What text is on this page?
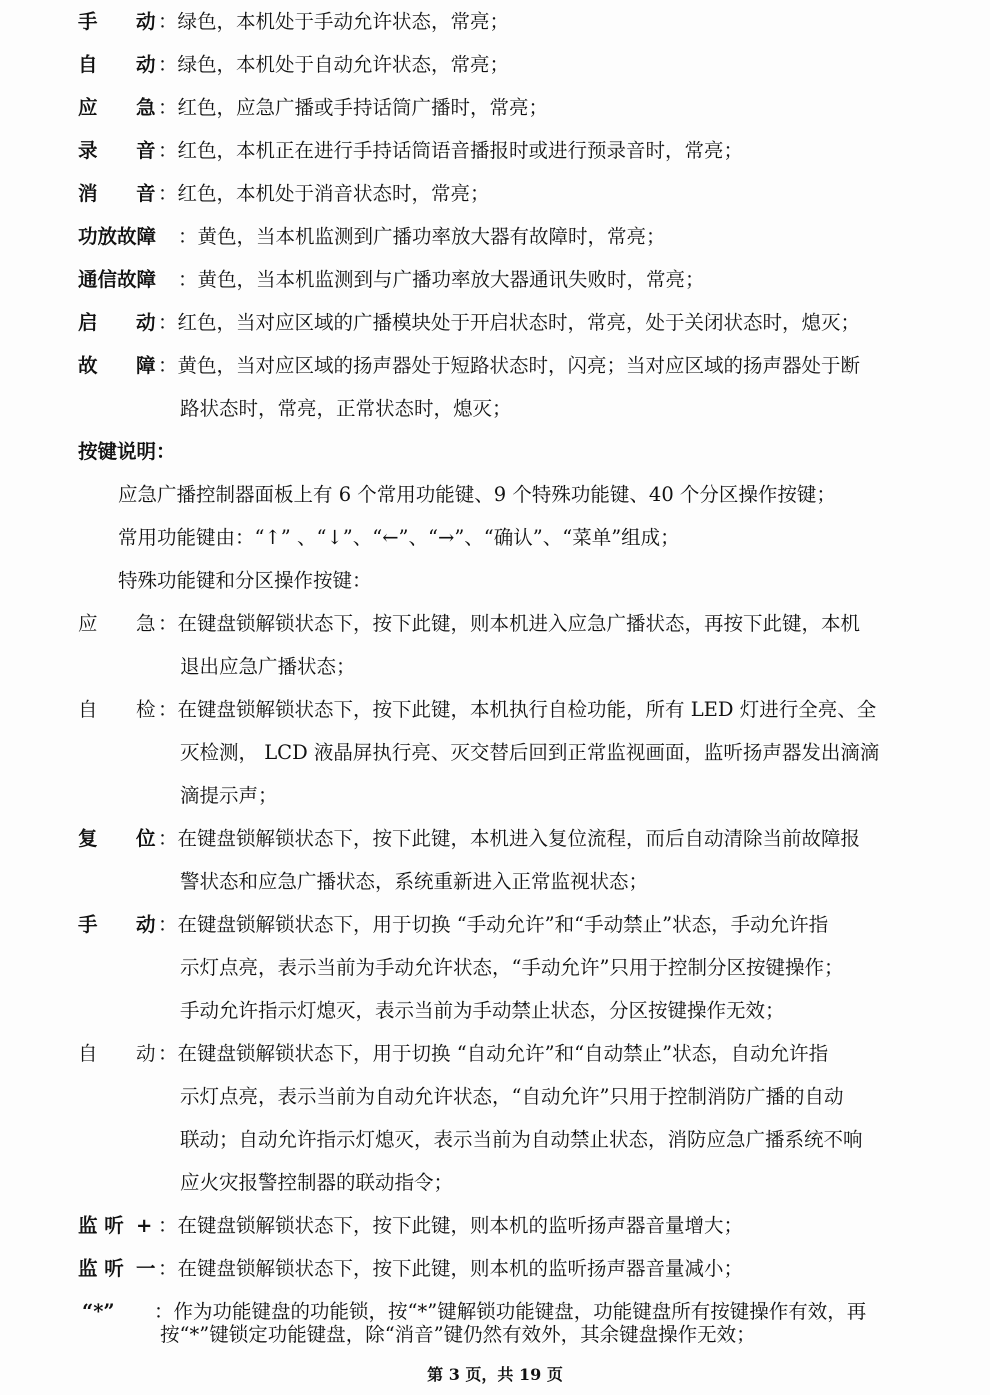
手 动 ：绿色，本机处于手动允许状态，常亮；
自 动 ：绿色，本机处于自动允许状态，常亮；
应 急 ：红色，应急广播或手持话筒广播时，常亮；
录 音 ：红色，本机正在进行手持话筒语音播报时或进行预录音时，常亮；
消 音 ：红色，本机处于消音状态时，常亮；
功放故障 ：黄色，当本机监测到广播功率放大器有故障时，常亮；
通信故障 ：黄色，当本机监测到与广播功率放大器通讯失败时，常亮；
启 动 ：红色，当对应区域的广播模块处于开启状态时，常亮，处于关闭状态时，熄灭；
故 障 ：黄色，当对应区域的扬声器处于短路状态时，闪亮；当对应区域的扬声器处于断
路状态时，常亮，正常状态时，熄灭；
按键说明：
应急广播控制器面板上有 6 个常用功能键、9 个特殊功能键、40 个分区操作按键；
常用功能键由：“↑” 、“↓”、“←”、“→”、“确认”、“菜单”组成；
特殊功能键和分区操作按键：
应 急 ：在键盘锁解锁状态下，按下此键，则本机进入应急广播状态，再按下此键，本机
退出应急广播状态；
自 检 ：在键盘锁解锁状态下，按下此键，本机执行自检功能，所有 LED 灯进行全亮、全
灭检测， LCD 液晶屏执行亮、灭交替后回到正常监视画面，监听扬声器发出滴滴
滴提示声；
复 位 ：在键盘锁解锁状态下，按下此键，本机进入复位流程，而后自动清除当前故障报
警状态和应急广播状态，系统重新进入正常监视状态；
手 动 ：在键盘锁解锁状态下，用于切换 “手动允许”和“手动禁止”状态，手动允许指
示灯点亮，表示当前为手动允许状态，“手动允许”只用于控制分区按键操作；
手动允许指示灯熄灭，表示当前为手动禁止状态，分区按键操作无效；
自 动 ：在键盘锁解锁状态下，用于切换 “自动允许”和“自动禁止”状态，自动允许指
示灯点亮，表示当前为自动允许状态，“自动允许”只用于控制消防广播的自动
联动；自动允许指示灯熄灭，表示当前为自动禁止状态，消防应急广播系统不响
应火灾报警控制器的联动指令；
监 听 + ：在键盘锁解锁状态下，按下此键，则本机的监听扬声器音量增大；
监 听 一 ：在键盘锁解锁状态下，按下此键，则本机的监听扬声器音量减小；
“*” ：作为功能键盘的功能锁，按“*”键解锁功能键盘，功能键盘所有按键操作有效，再
按“*”键锁定功能键盘，除“消音”键仍然有效外，其余键盘操作无效；
第 3 页，共 19 页
